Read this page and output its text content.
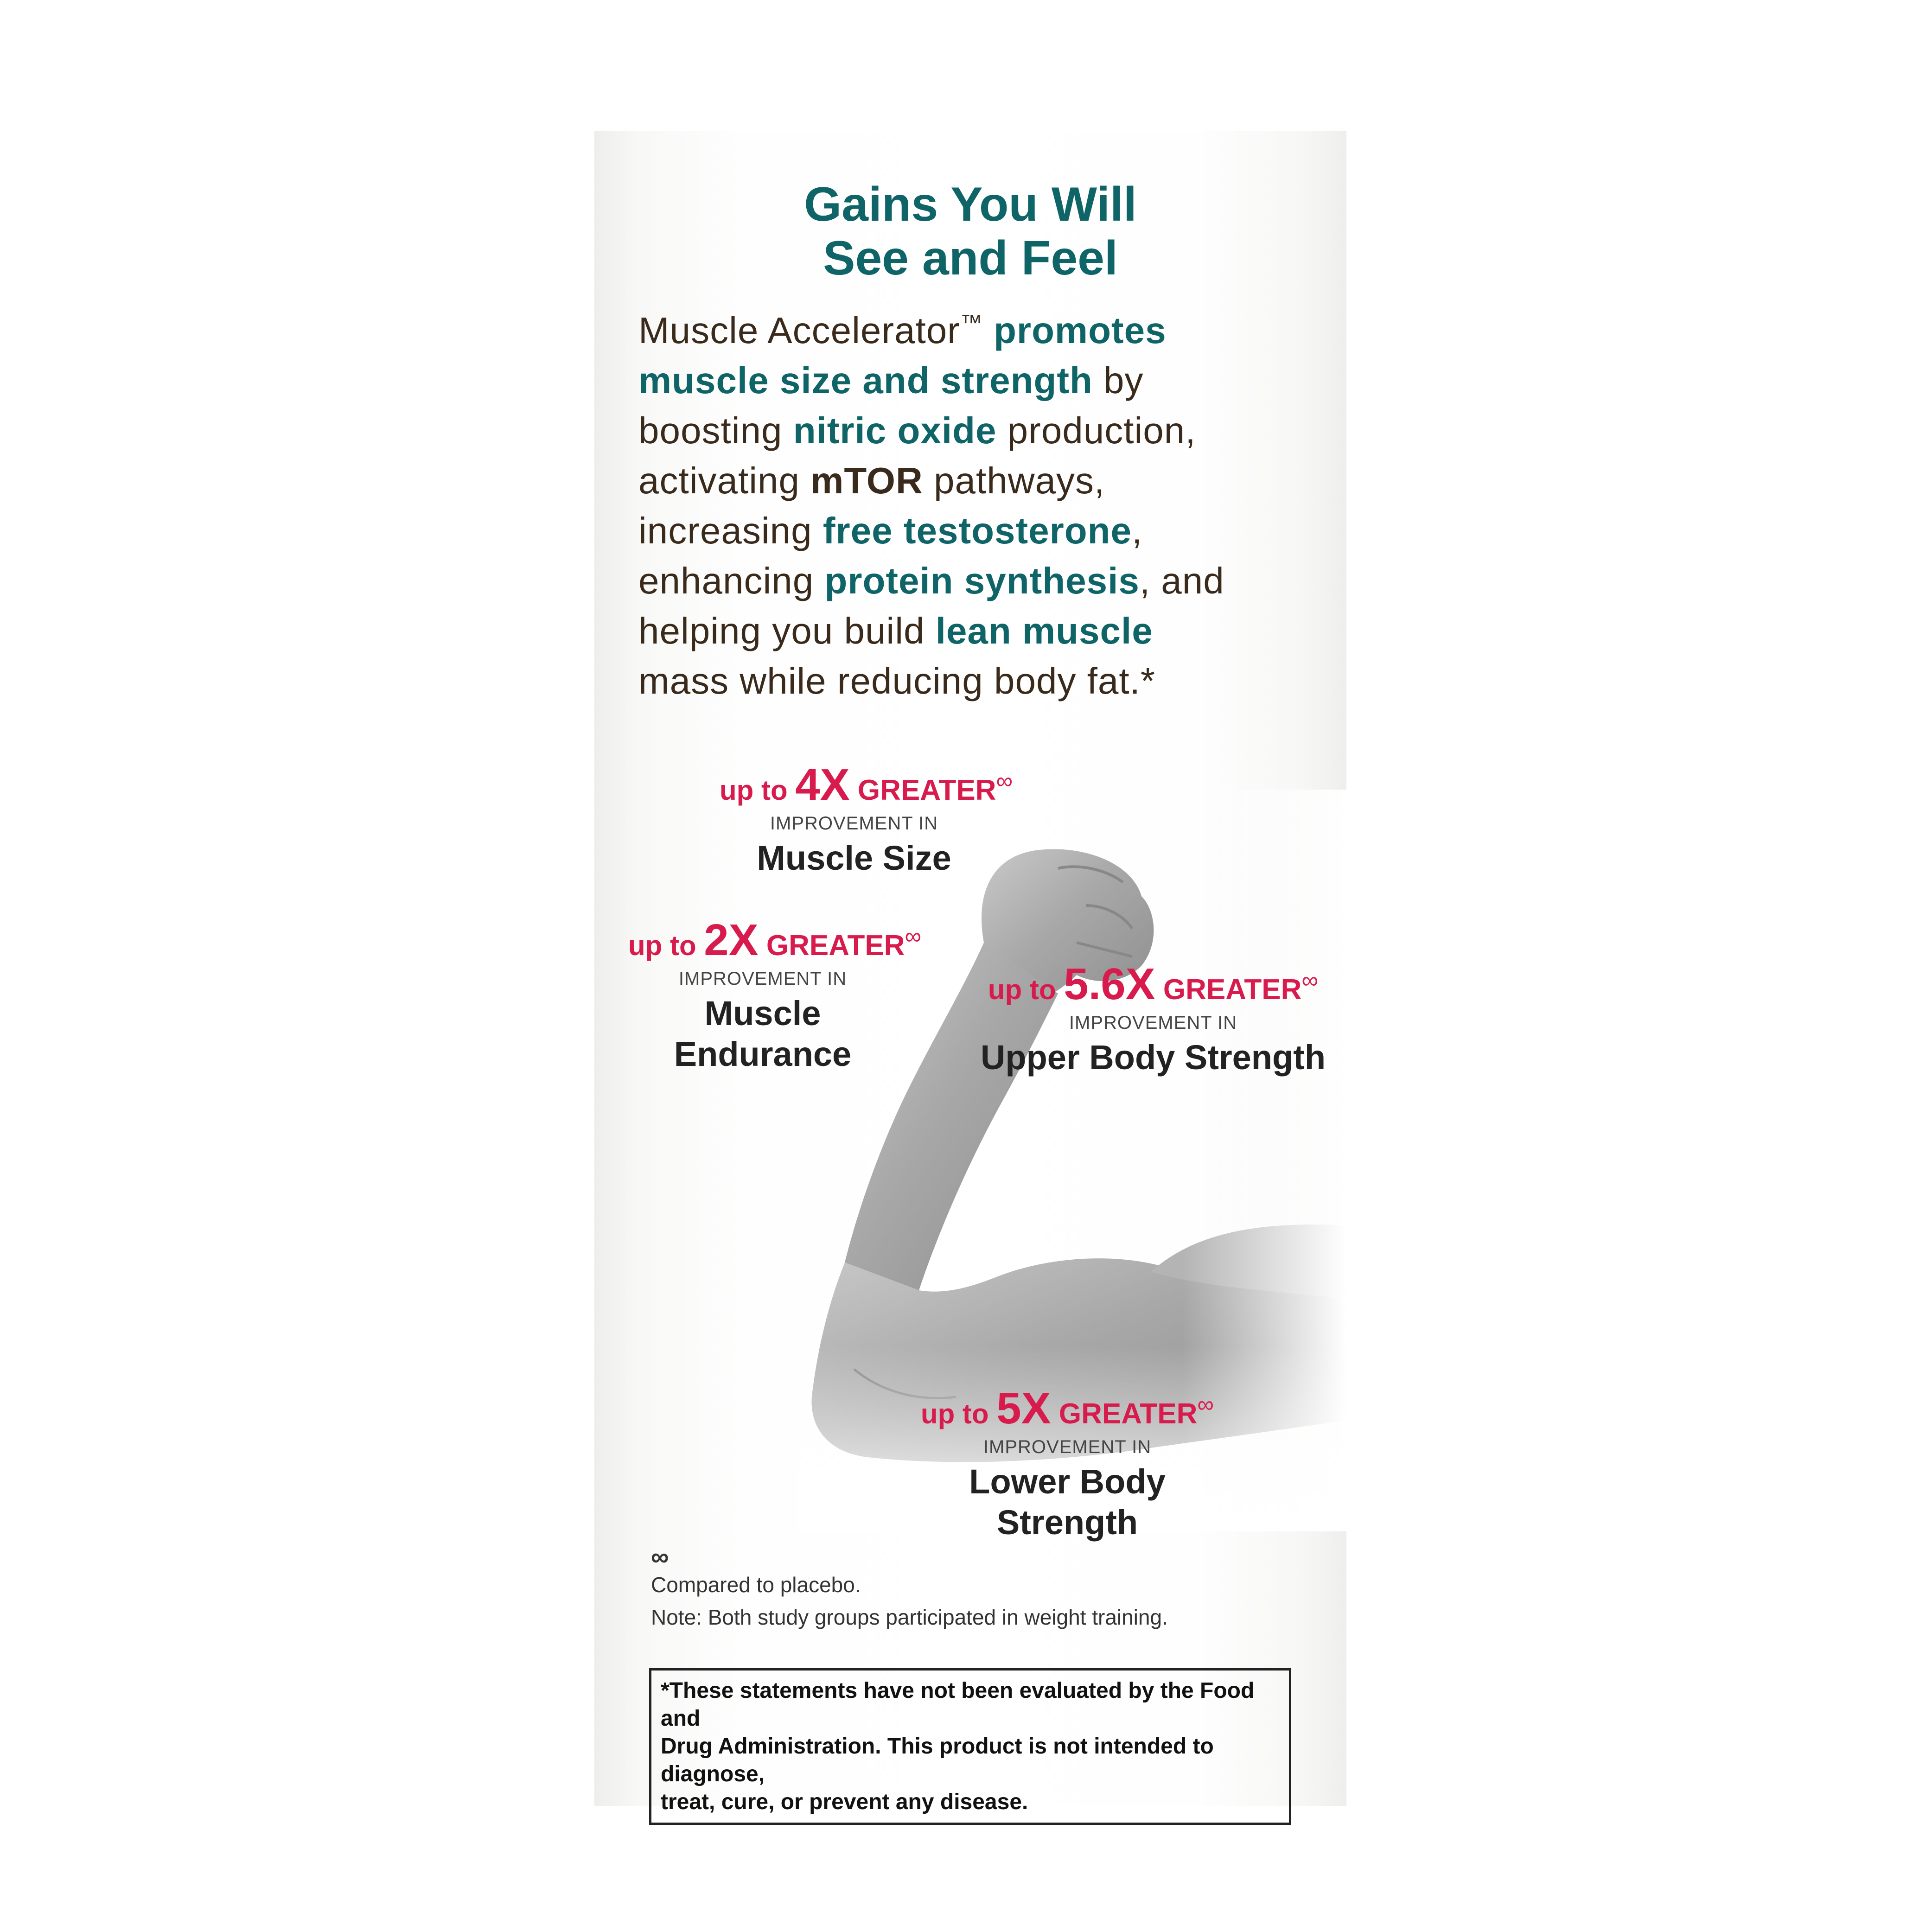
Gains You Will
See and Feel
Muscle Accelerator™ promotes
muscle size and strength by
boosting nitric oxide production,
activating mTOR pathways,
increasing free testosterone,
enhancing protein synthesis, and
helping you build lean muscle
mass while reducing body fat.*
up to 4X GREATER∞
IMPROVEMENT IN
Muscle Size
up to 2X GREATER∞
IMPROVEMENT IN
Muscle
Endurance
up to 5.6X GREATER∞
IMPROVEMENT IN
Upper Body Strength
up to 5X GREATER∞
IMPROVEMENT IN
Lower Body Strength
∞
Compared to placebo.
Note: Both study groups participated in weight training.
*These statements have not been evaluated by the Food and
Drug Administration. This product is not intended to diagnose,
treat, cure, or prevent any disease.
